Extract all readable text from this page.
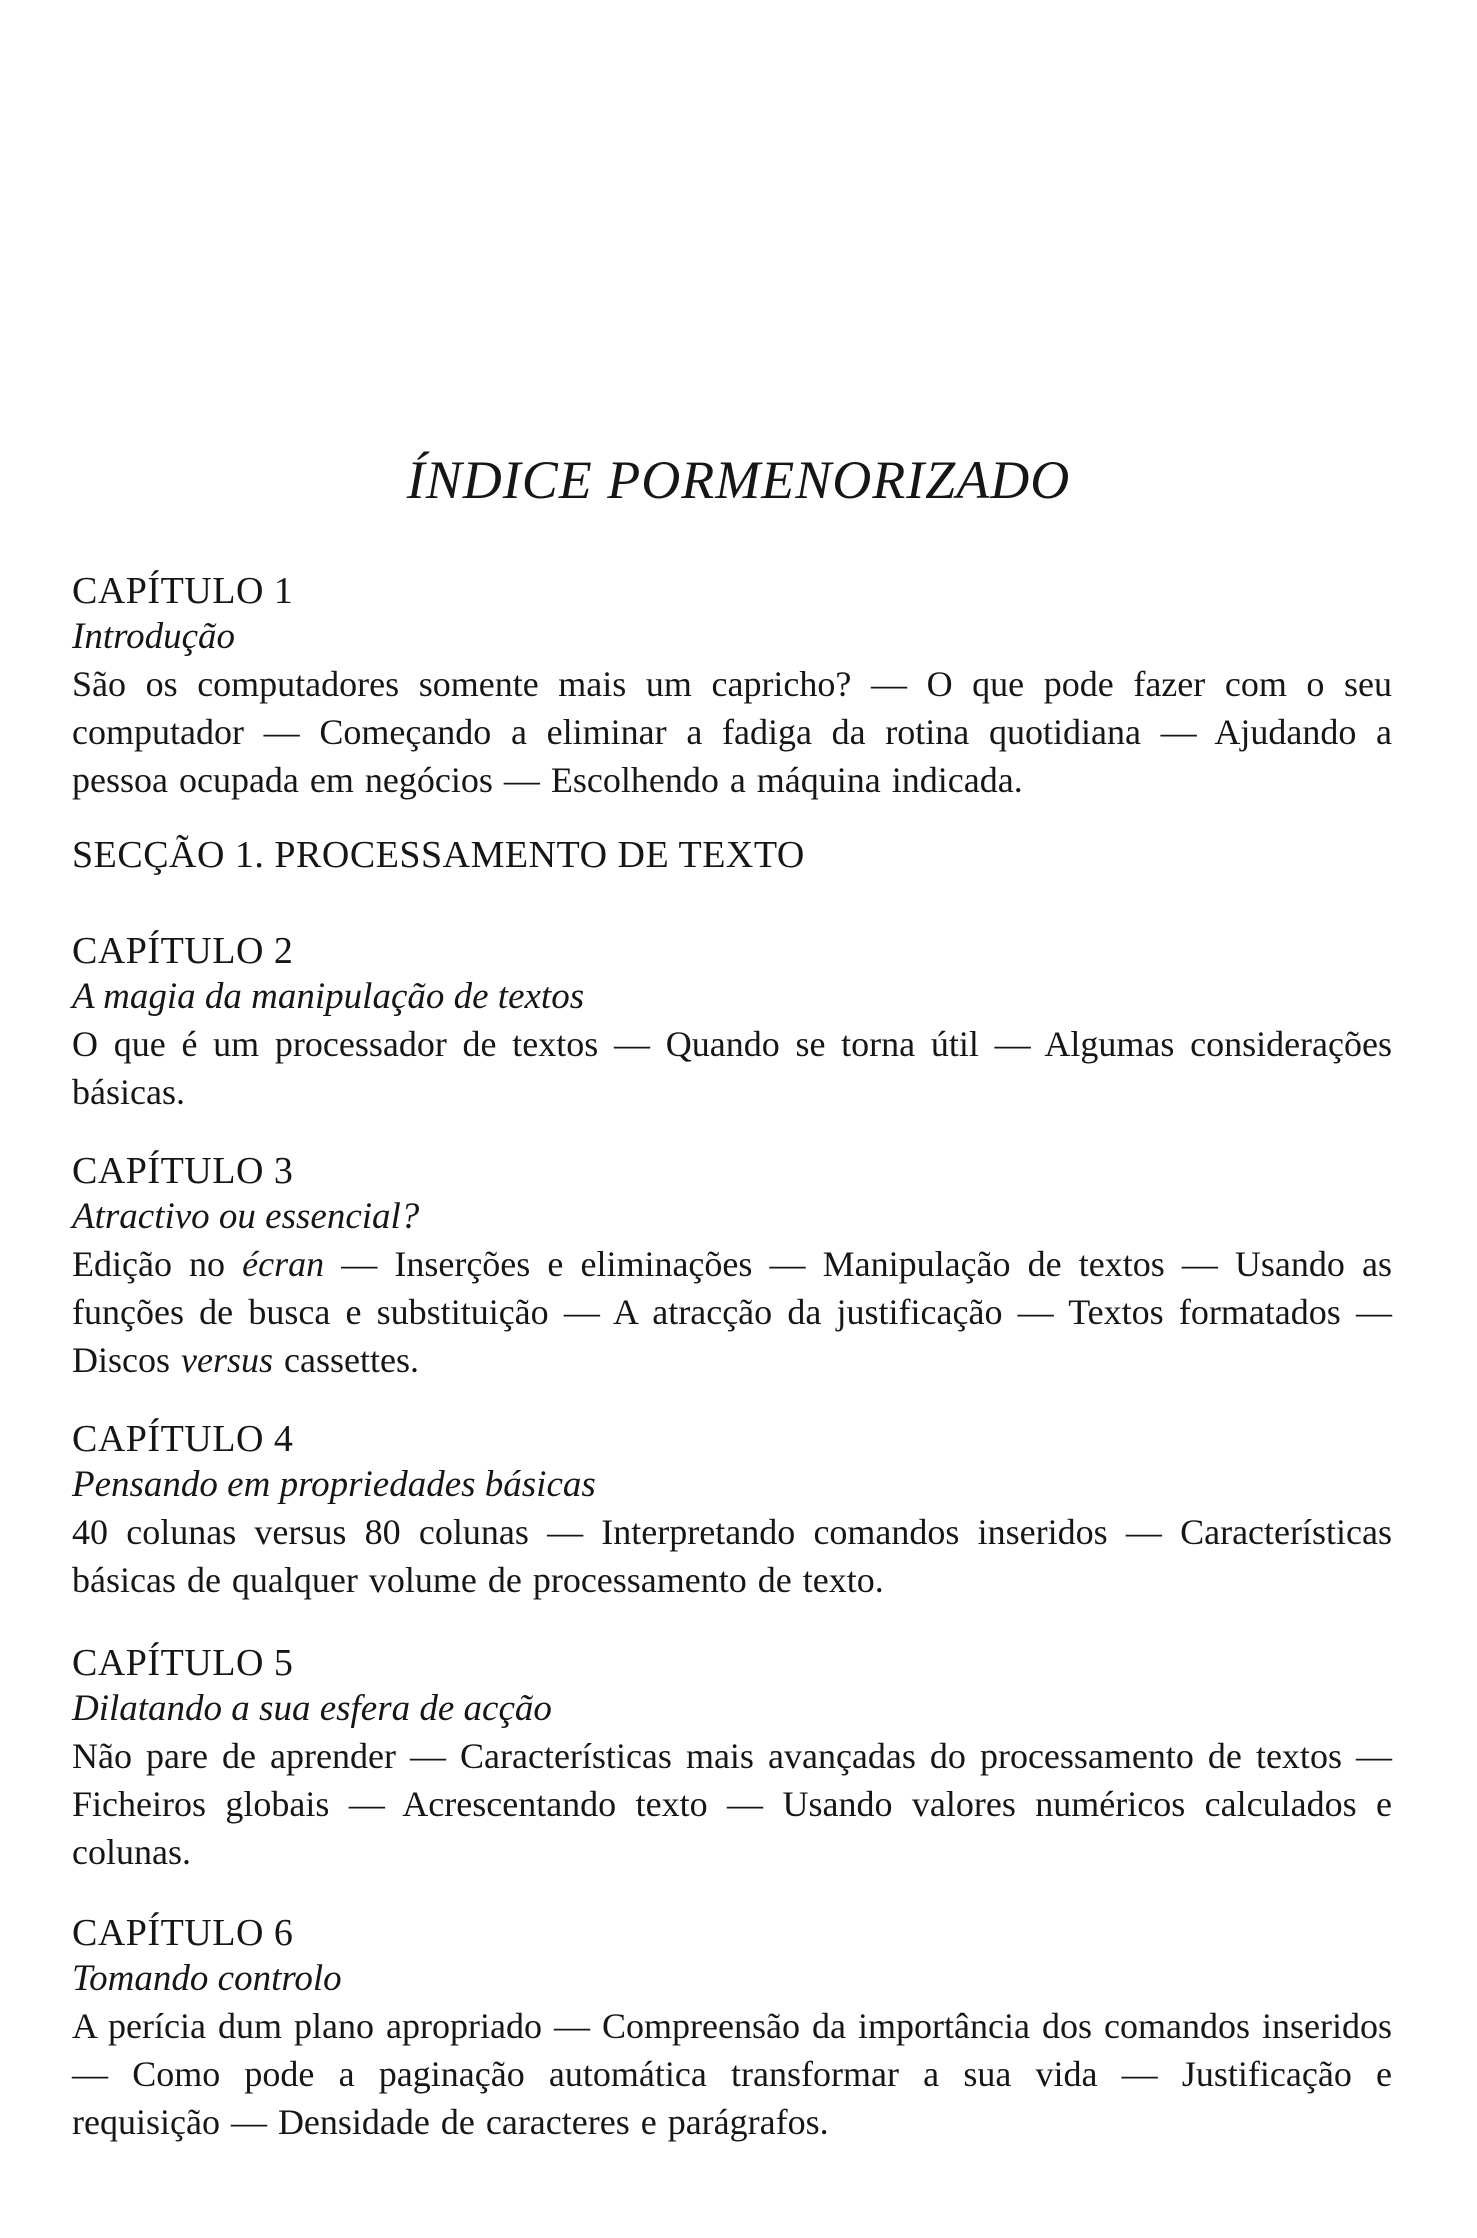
ÍNDICE PORMENORIZADO
CAPÍTULO 1
Introdução
São os computadores somente mais um capricho? — O que pode fazer com o seu computador — Começando a eliminar a fadiga da rotina quotidiana — Ajudando a pessoa ocupada em negócios — Escolhendo a máquina indicada.
SECÇÃO 1. PROCESSAMENTO DE TEXTO
CAPÍTULO 2
A magia da manipulação de textos
O que é um processador de textos — Quando se torna útil — Algumas considerações básicas.
CAPÍTULO 3
Atractivo ou essencial?
Edição no écran — Inserções e eliminações — Manipulação de textos — Usando as funções de busca e substituição — A atracção da justificação — Textos formatados — Discos versus cassettes.
CAPÍTULO 4
Pensando em propriedades básicas
40 colunas versus 80 colunas — Interpretando comandos inseridos — Características básicas de qualquer volume de processamento de texto.
CAPÍTULO 5
Dilatando a sua esfera de acção
Não pare de aprender — Características mais avançadas do processamento de textos — Ficheiros globais — Acrescentando texto — Usando valores numéricos calculados e colunas.
CAPÍTULO 6
Tomando controlo
A perícia dum plano apropriado — Compreensão da importância dos comandos inseridos — Como pode a paginação automática transformar a sua vida — Justificação e requisição — Densidade de caracteres e parágrafos.
